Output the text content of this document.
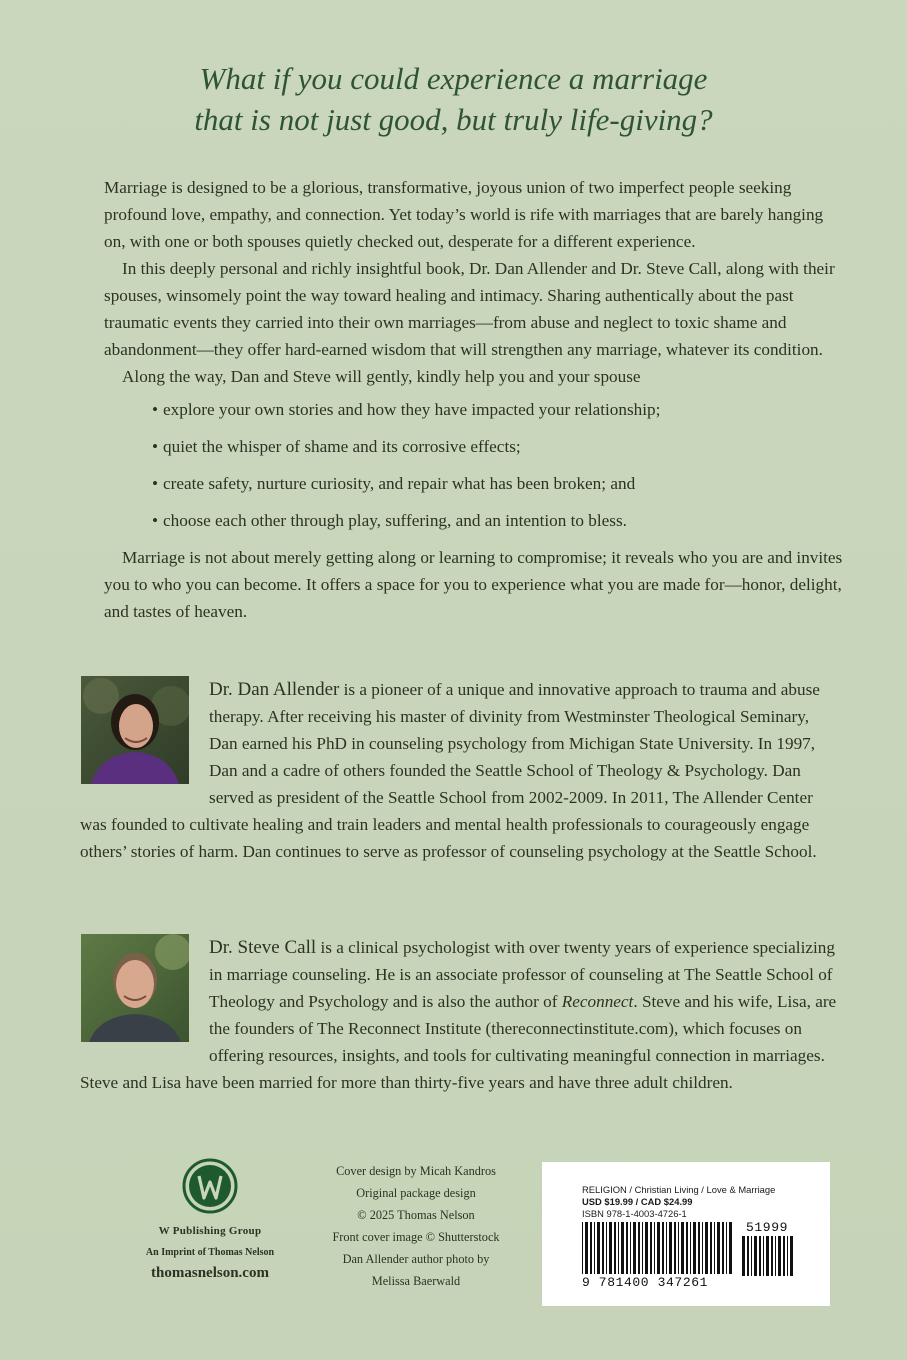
What if you could experience a marriage
that is not just good, but truly life-giving?

Marriage is designed to be a glorious, transformative, joyous union of two imperfect people seeking profound love, empathy, and connection. Yet today’s world is rife with marriages that are barely hanging on, with one or both spouses quietly checked out, desperate for a different experience.

In this deeply personal and richly insightful book, Dr. Dan Allender and Dr. Steve Call, along with their spouses, winsomely point the way toward healing and intimacy. Sharing authentically about the past traumatic events they carried into their own marriages—from abuse and neglect to toxic shame and abandonment—they offer hard-earned wisdom that will strengthen any marriage, whatever its condition.

Along the way, Dan and Steve will gently, kindly help you and your spouse

• explore your own stories and how they have impacted your relationship;
• quiet the whisper of shame and its corrosive effects;
• create safety, nurture curiosity, and repair what has been broken; and
• choose each other through play, suffering, and an intention to bless.

Marriage is not about merely getting along or learning to compromise; it reveals who you are and invites you to who you can become. It offers a space for you to experience what you are made for—honor, delight, and tastes of heaven.

Dr. Dan Allender is a pioneer of a unique and innovative approach to trauma and abuse therapy. After receiving his master of divinity from Westminster Theological Seminary, Dan earned his PhD in counseling psychology from Michigan State University. In 1997, Dan and a cadre of others founded the Seattle School of Theology & Psychology. Dan served as president of the Seattle School from 2002-2009. In 2011, The Allender Center was founded to cultivate healing and train leaders and mental health professionals to courageously engage others’ stories of harm. Dan continues to serve as professor of counseling psychology at the Seattle School.
Dr. Steve Call is a clinical psychologist with over twenty years of experience specializing in marriage counseling. He is an associate professor of counseling at The Seattle School of Theology and Psychology and is also the author of Reconnect. Steve and his wife, Lisa, are the founders of The Reconnect Institute (thereconnectinstitute.com), which focuses on offering resources, insights, and tools for cultivating meaningful connection in marriages. Steve and Lisa have been married for more than thirty-five years and have three adult children.
W Publishing Group
An Imprint of Thomas Nelson
thomasnelson.com
Cover design by Micah Kandros
Original package design
© 2025 Thomas Nelson
Front cover image © Shutterstock
Dan Allender author photo by
Melissa Baerwald
RELIGION / Christian Living / Love & Marriage
USD $19.99 / CAD $24.99
ISBN 978-1-4003-4726-1
51999
9 781400 347261
